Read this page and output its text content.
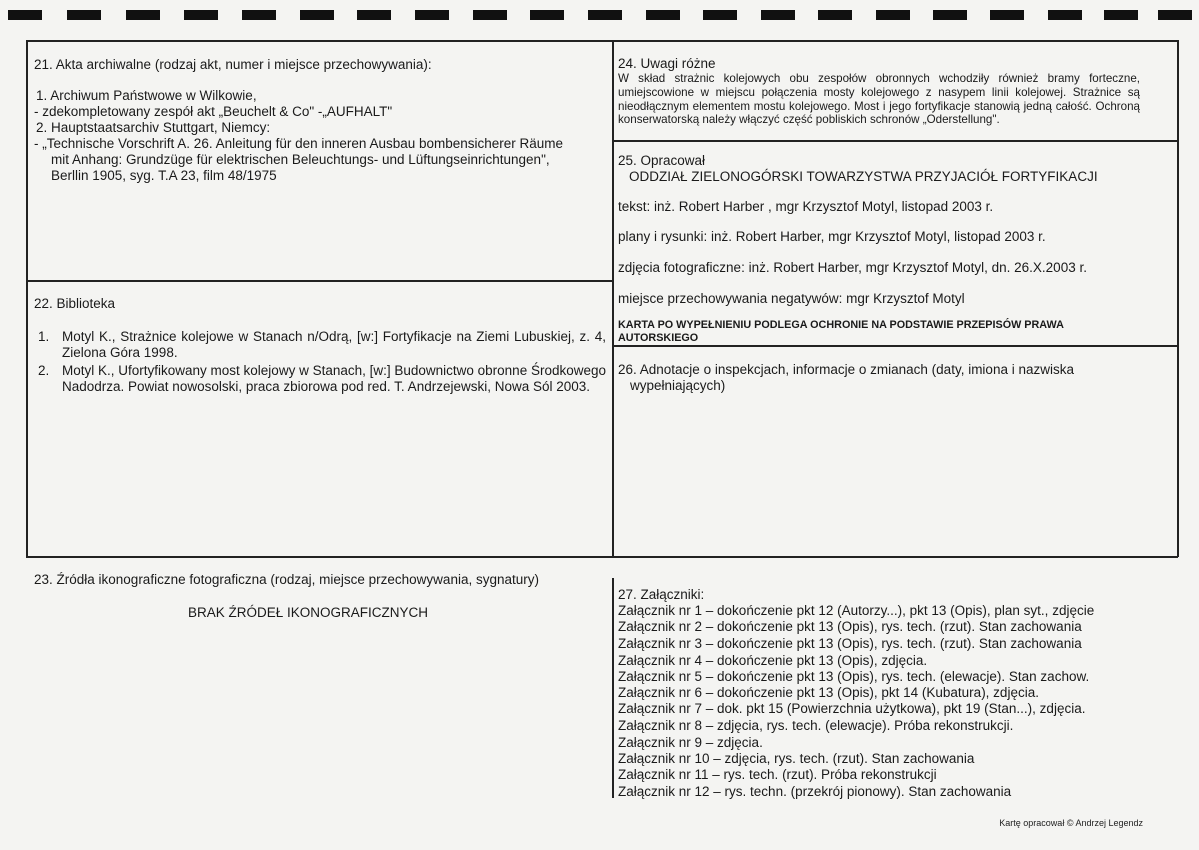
21. Akta archiwalne (rodzaj akt, numer i miejsce przechowywania):
1. Archiwum Państwowe w Wilkowie,
- zdekompletowany zespół akt „Beuchelt & Co" -„AUFHALT"
2. Hauptstaatsarchiv Stuttgart, Niemcy:
- „Technische Vorschrift A. 26. Anleitung für den inneren Ausbau bombensicherer Räume
mit Anhang: Grundzüge für elektrischen Beleuchtungs- und Lüftungseinrichtungen",
Berllin 1905, syg. T.A 23, film 48/1975
22. Biblioteka
1. Motyl K., Strażnice kolejowe w Stanach n/Odrą, [w:] Fortyfikacje na Ziemi Lubuskiej, z. 4, Zielona Góra 1998.
2. Motyl K., Ufortyfikowany most kolejowy w Stanach, [w:] Budownictwo obronne Środkowego Nadodrza. Powiat nowosolski, praca zbiorowa pod red. T. Andrzejewski, Nowa Sól 2003.
23. Źródła ikonograficzne fotograficzna (rodzaj, miejsce przechowywania, sygnatury)
BRAK ŹRÓDEŁ IKONOGRAFICZNYCH
24. Uwagi różne
W skład strażnic kolejowych obu zespołów obronnych wchodziły również bramy forteczne, umiejscowione w miejscu połączenia mosty kolejowego z nasypem linii kolejowej. Strażnice są nieodłącznym elementem mostu kolejowego. Most i jego fortyfikacje stanowią jedną całość. Ochroną konserwatorską należy włączyć część pobliskich schronów „Oderstellung".
25. Opracował
ODDZIAŁ ZIELONOGÓRSKI TOWARZYSTWA PRZYJACIÓŁ FORTYFIKACJI
tekst: inż. Robert Harber , mgr Krzysztof Motyl, listopad 2003 r.
plany i rysunki: inż. Robert Harber, mgr Krzysztof Motyl, listopad 2003 r.
zdjęcia fotograficzne: inż. Robert Harber, mgr Krzysztof Motyl, dn. 26.X.2003 r.
miejsce przechowywania negatywów: mgr Krzysztof Motyl
KARTA PO WYPEŁNIENIU PODLEGA OCHRONIE NA PODSTAWIE PRZEPISÓW PRAWA AUTORSKIEGO
26. Adnotacje o inspekcjach, informacje o zmianach (daty, imiona i nazwiska
wypełniających)
27. Załączniki:
Załącznik nr 1 – dokończenie pkt 12 (Autorzy...), pkt 13 (Opis), plan syt., zdjęcie
Załącznik nr 2 – dokończenie pkt 13 (Opis), rys. tech. (rzut). Stan zachowania
Załącznik nr 3 – dokończenie pkt 13 (Opis), rys. tech. (rzut). Stan zachowania
Załącznik nr 4 – dokończenie pkt 13 (Opis), zdjęcia.
Załącznik nr 5 – dokończenie pkt 13 (Opis), rys. tech. (elewacje). Stan zachow.
Załącznik nr 6 – dokończenie pkt 13 (Opis), pkt 14 (Kubatura), zdjęcia.
Załącznik nr 7 – dok. pkt 15 (Powierzchnia użytkowa), pkt 19 (Stan...), zdjęcia.
Załącznik nr 8 – zdjęcia, rys. tech. (elewacje). Próba rekonstrukcji.
Załącznik nr 9 – zdjęcia.
Załącznik nr 10 – zdjęcia, rys. tech. (rzut). Stan zachowania
Załącznik nr 11 – rys. tech. (rzut). Próba rekonstrukcji
Załącznik nr 12 – rys. techn. (przekrój pionowy). Stan zachowania
Kartę opracował © Andrzej Legendz
